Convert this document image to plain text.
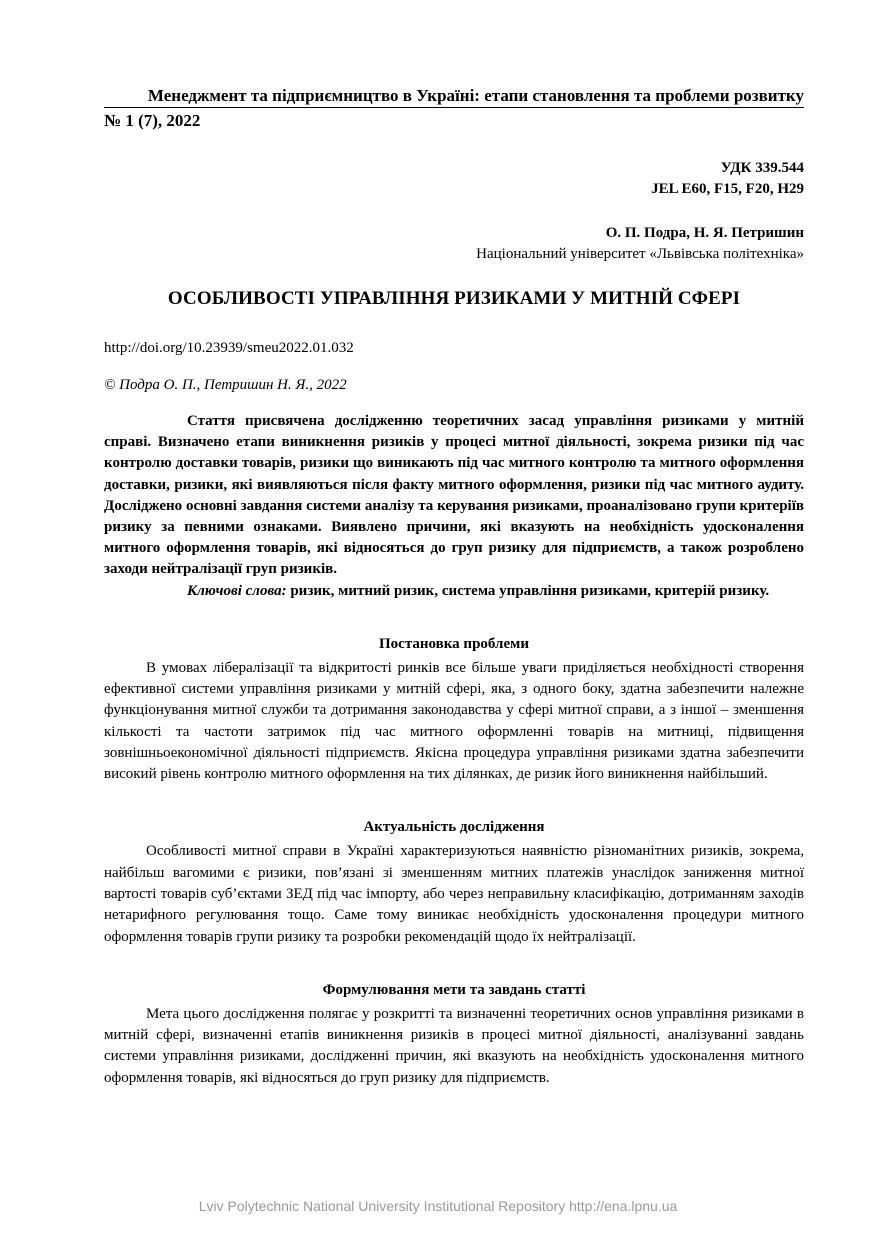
Менеджмент та підприємництво в Україні: етапи становлення та проблеми розвитку
№ 1 (7), 2022
УДК 339.544
JEL E60, F15, F20, H29
О. П. Подра, Н. Я. Петришин
Національний університет «Львівська політехніка»
ОСОБЛИВОСТІ УПРАВЛІННЯ РИЗИКАМИ У МИТНІЙ СФЕРІ
http://doi.org/10.23939/smeu2022.01.032
© Подра О. П., Петришин Н. Я., 2022
Стаття присвячена дослідженню теоретичних засад управління ризиками у митній справі. Визначено етапи виникнення ризиків у процесі митної діяльності, зокрема ризики під час контролю доставки товарів, ризики що виникають під час митного контролю та митного оформлення доставки, ризики, які виявляються після факту митного оформлення, ризики під час митного аудиту. Досліджено основні завдання системи аналізу та керування ризиками, проаналізовано групи критеріїв ризику за певними ознаками. Виявлено причини, які вказують на необхідність удосконалення митного оформлення товарів, які відносяться до груп ризику для підприємств, а також розроблено заходи нейтралізації груп ризиків.
Ключові слова: ризик, митний ризик, система управління ризиками, критерій ризику.
Постановка проблеми
В умовах лібералізації та відкритості ринків все більше уваги приділяється необхідності створення ефективної системи управління ризиками у митній сфері, яка, з одного боку, здатна забезпечити належне функціонування митної служби та дотримання законодавства у сфері митної справи, а з іншої – зменшення кількості та частоти затримок під час митного оформленні товарів на митниці, підвищення зовнішньоекономічної діяльності підприємств. Якісна процедура управління ризиками здатна забезпечити високий рівень контролю митного оформлення на тих ділянках, де ризик його виникнення найбільший.
Актуальність дослідження
Особливості митної справи в Україні характеризуються наявністю різноманітних ризиків, зокрема, найбільш вагомими є ризики, пов’язані зі зменшенням митних платежів унаслідок заниження митної вартості товарів суб’єктами ЗЕД під час імпорту, або через неправильну класифікацію, дотриманням заходів нетарифного регулювання тощо. Саме тому виникає необхідність удосконалення процедури митного оформлення товарів групи ризику та розробки рекомендацій щодо їх нейтралізації.
Формулювання мети та завдань статті
Мета цього дослідження полягає у розкритті та визначенні теоретичних основ управління ризиками в митній сфері, визначенні етапів виникнення ризиків в процесі митної діяльності, аналізуванні завдань системи управління ризиками, дослідженні причин, які вказують на необхідність удосконалення митного оформлення товарів, які відносяться до груп ризику для підприємств.
Lviv Polytechnic National University Institutional Repository http://ena.lpnu.ua
